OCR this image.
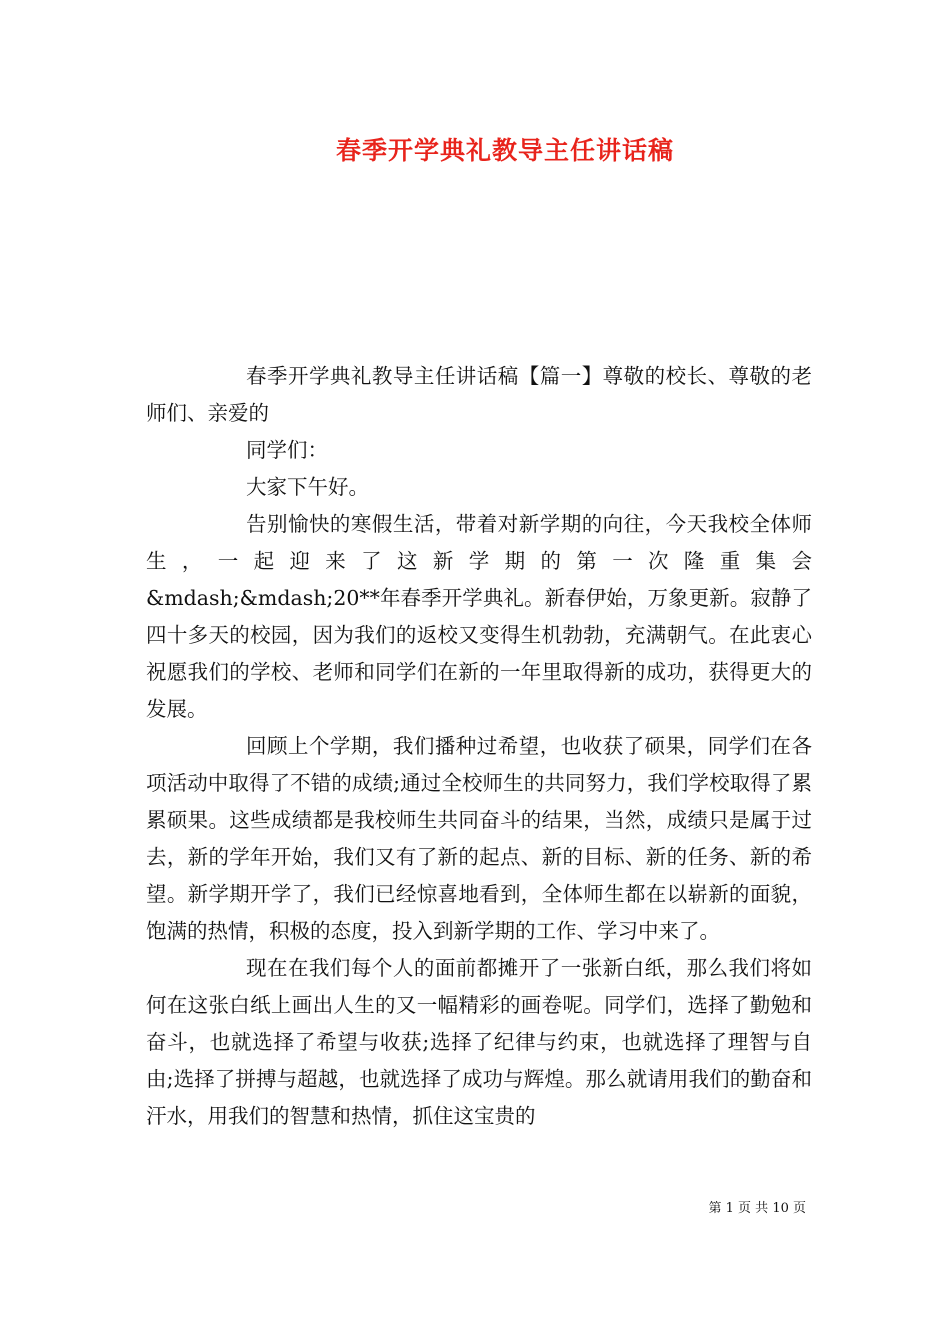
春季开学典礼教导主任讲话稿

春季开学典礼教导主任讲话稿【篇一】尊敬的校长、尊敬的老师们、亲爱的

同学们：

大家下午好。

告别愉快的寒假生活，带着对新学期的向往，今天我校全体师生，一起迎来了这新学期的第一次隆重集会

&mdash;&mdash;20**年春季开学典礼。新春伊始，万象更新。寂静了四十多天的校园，因为我们的返校又变得生机勃勃，充满朝气。在此衷心祝愿我们的学校、老师和同学们在新的一年里取得新的成功，获得更大的发展。

回顾上个学期，我们播种过希望，也收获了硕果，同学们在各项活动中取得了不错的成绩;通过全校师生的共同努力，我们学校取得了累累硕果。这些成绩都是我校师生共同奋斗的结果，当然，成绩只是属于过去，新的学年开始，我们又有了新的起点、新的目标、新的任务、新的希望。新学期开学了，我们已经惊喜地看到，全体师生都在以崭新的面貌，饱满的热情，积极的态度，投入到新学期的工作、学习中来了。

现在在我们每个人的面前都摊开了一张新白纸，那么我们将如何在这张白纸上画出人生的又一幅精彩的画卷呢。同学们，选择了勤勉和奋斗，也就选择了希望与收获;选择了纪律与约束，也就选择了理智与自由;选择了拼搏与超越，也就选择了成功与辉煌。那么就请用我们的勤奋和汗水，用我们的智慧和热情，抓住这宝贵的

第 1 页 共 10 页
